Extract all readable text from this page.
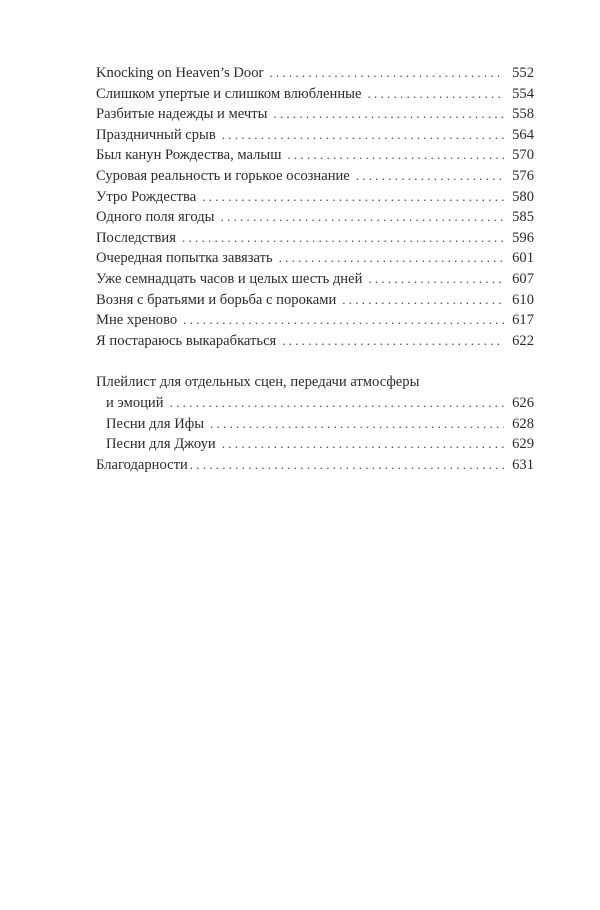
Knocking on Heaven’s Door . . .	552
Слишком упертые и слишком влюбленные . . .	554
Разбитые надежды и мечты . . .	558
Праздничный срыв . . .	564
Был канун Рождества, малыш . . .	570
Суровая реальность и горькое осознание . . .	576
Утро Рождества . . .	580
Одного поля ягоды . . .	585
Последствия . . .	596
Очередная попытка завязать . . .	601
Уже семнадцать часов и целых шесть дней . . .	607
Возня с братьями и борьба с пороками . . .	610
Мне хреново . . .	617
Я постараюсь выкарабкаться . . .	622
Плейлист для отдельных сцен, передачи атмосферы
и эмоций . . .	626
Песни для Ифы . . .	628
Песни для Джоуи . . .	629
Благодарности . . .	631
